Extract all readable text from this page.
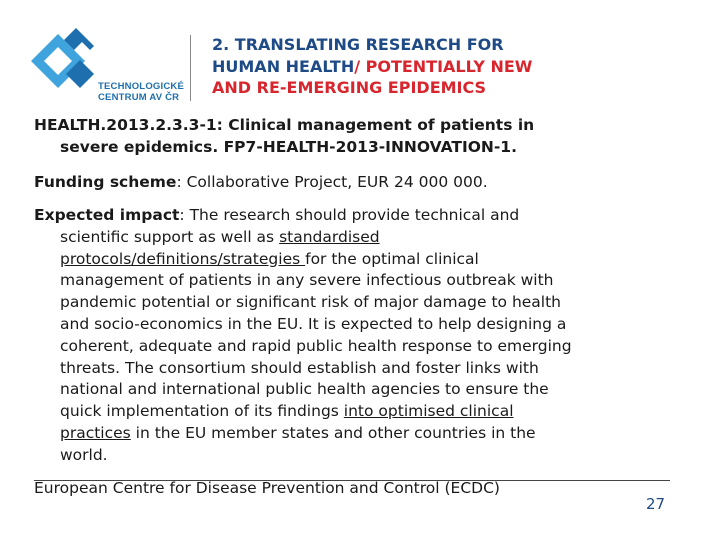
TECHNOLOGICKÉ
CENTRUM AV ČR
2. TRANSLATING RESEARCH FOR
HUMAN HEALTH/ POTENTIALLY NEW
AND RE-EMERGING EPIDEMICS
HEALTH.2013.2.3.3-1: Clinical management of patients in
severe epidemics. FP7-HEALTH-2013-INNOVATION-1.
Funding scheme: Collaborative Project, EUR 24 000 000.
Expected impact: The research should provide technical and
scientific support as well as standardised
protocols/definitions/strategies for the optimal clinical
management of patients in any severe infectious outbreak with
pandemic potential or significant risk of major damage to health
and socio-economics in the EU. It is expected to help designing a
coherent, adequate and rapid public health response to emerging
threats. The consortium should establish and foster links with
national and international public health agencies to ensure the
quick implementation of its findings into optimised clinical
practices in the EU member states and other countries in the
world.
European Centre for Disease Prevention and Control (ECDC)
27
